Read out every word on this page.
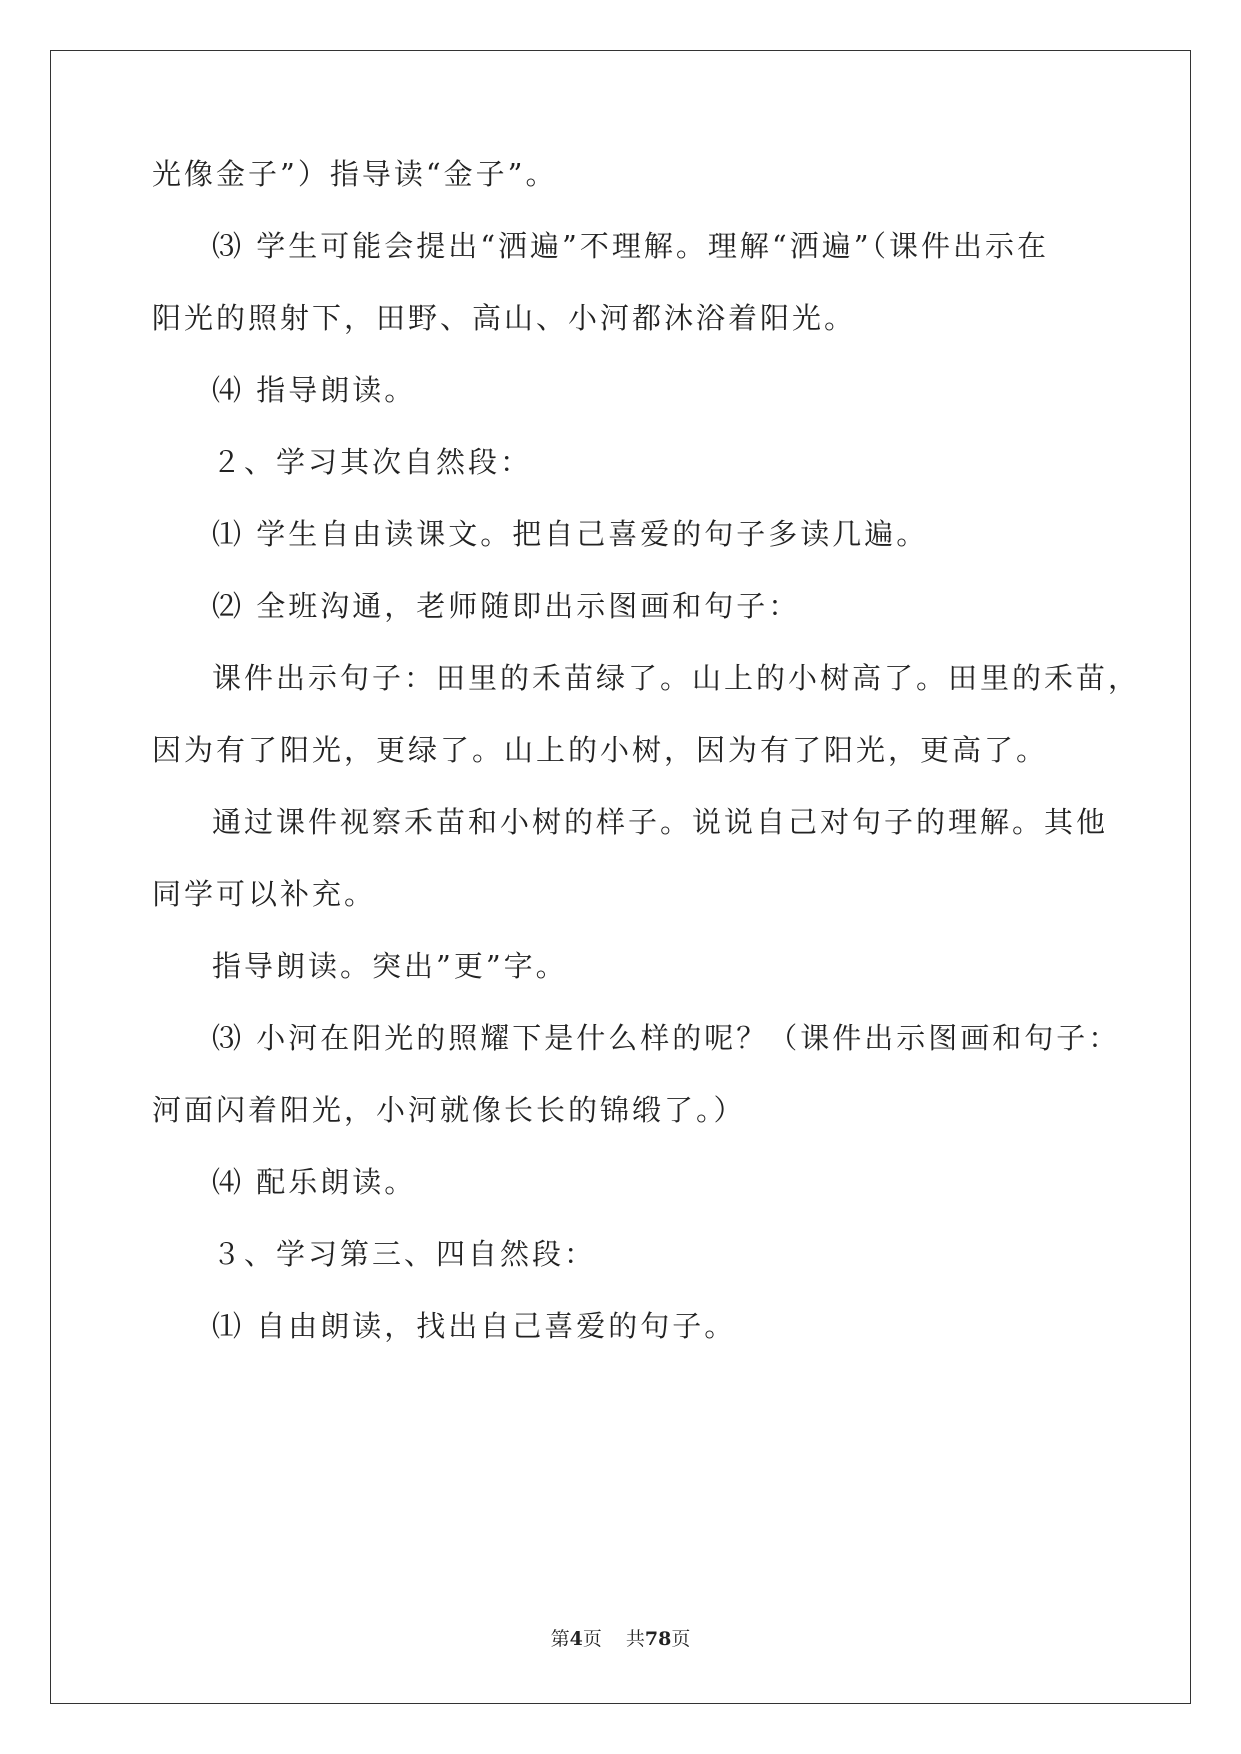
光像金子”）指导读“金子”。
⑶ 学生可能会提出“洒遍”不理解。理解“洒遍”（课件出示在
阳光的照射下，田野、高山、小河都沐浴着阳光。
⑷ 指导朗读。
２、学习其次自然段：
⑴ 学生自由读课文。把自己喜爱的句子多读几遍。
⑵ 全班沟通，老师随即出示图画和句子：
课件出示句子：田里的禾苗绿了。山上的小树高了。田里的禾苗，
因为有了阳光，更绿了。山上的小树，因为有了阳光，更高了。
通过课件视察禾苗和小树的样子。说说自己对句子的理解。其他
同学可以补充。
指导朗读。突出”更”字。
⑶ 小河在阳光的照耀下是什么样的呢？（课件出示图画和句子：
河面闪着阳光，小河就像长长的锦缎了。）
⑷ 配乐朗读。
３、学习第三、四自然段：
⑴ 自由朗读，找出自己喜爱的句子。
第4页 共78页
